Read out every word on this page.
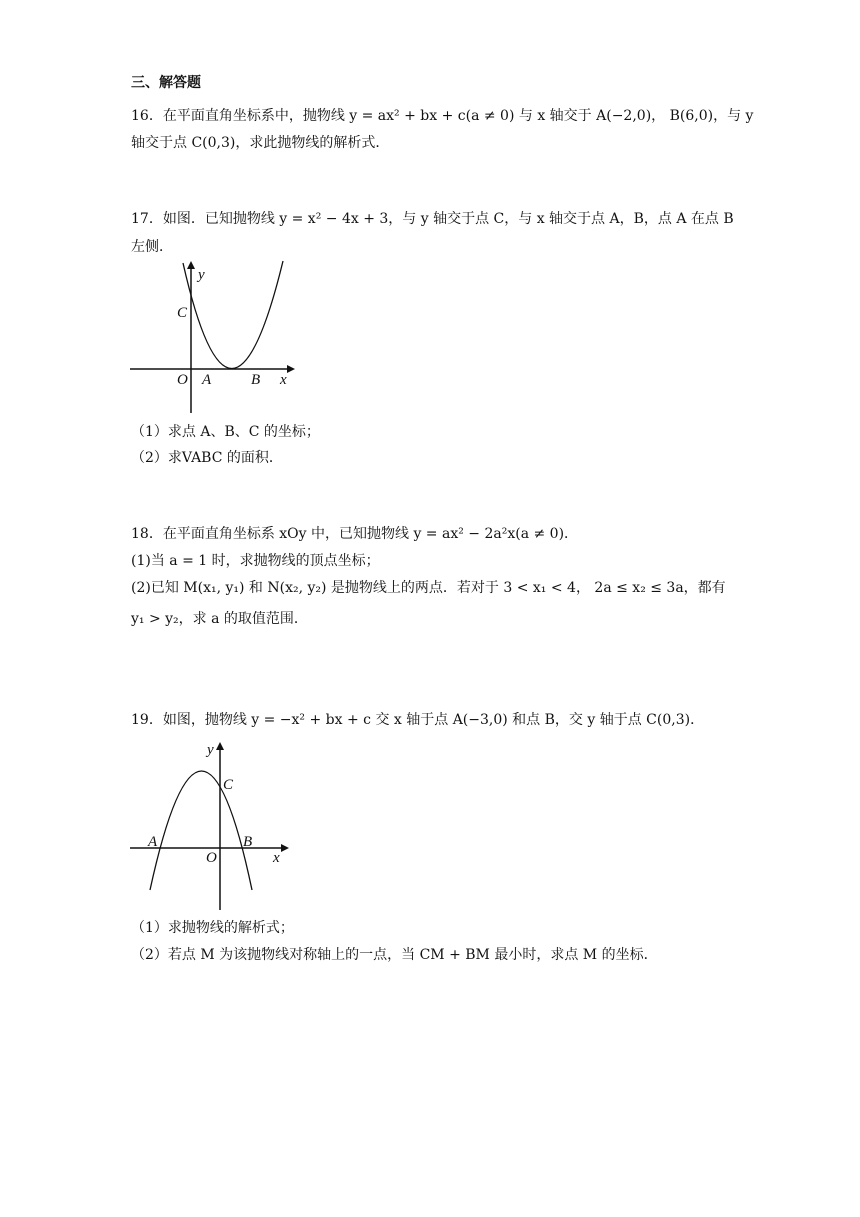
三、解答题
16．在平面直角坐标系中，抛物线 y = ax² + bx + c(a ≠ 0) 与 x 轴交于 A(−2,0)， B(6,0)，与 y
轴交于点 C(0,3)，求此抛物线的解析式．
17．如图．已知抛物线 y = x² − 4x + 3，与 y 轴交于点 C，与 x 轴交于点 A，B，点 A 在点 B
左侧．
y
C
O A	B x
（1）求点 A、B、C 的坐标；
（2）求VABC 的面积．
18．在平面直角坐标系 xOy 中，已知抛物线 y = ax² − 2a²x(a ≠ 0)．
(1)当 a = 1 时，求抛物线的顶点坐标；
(2)已知 M(x₁, y₁) 和 N(x₂, y₂) 是抛物线上的两点．若对于 3 < x₁ < 4， 2a ≤ x₂ ≤ 3a，都有
y₁ > y₂，求 a 的取值范围．
19．如图，抛物线 y = −x² + bx + c 交 x 轴于点 A(−3,0) 和点 B，交 y 轴于点 C(0,3)．
y
C
A	B
O	x
（1）求抛物线的解析式；
（2）若点 M 为该抛物线对称轴上的一点，当 CM + BM 最小时，求点 M 的坐标．
